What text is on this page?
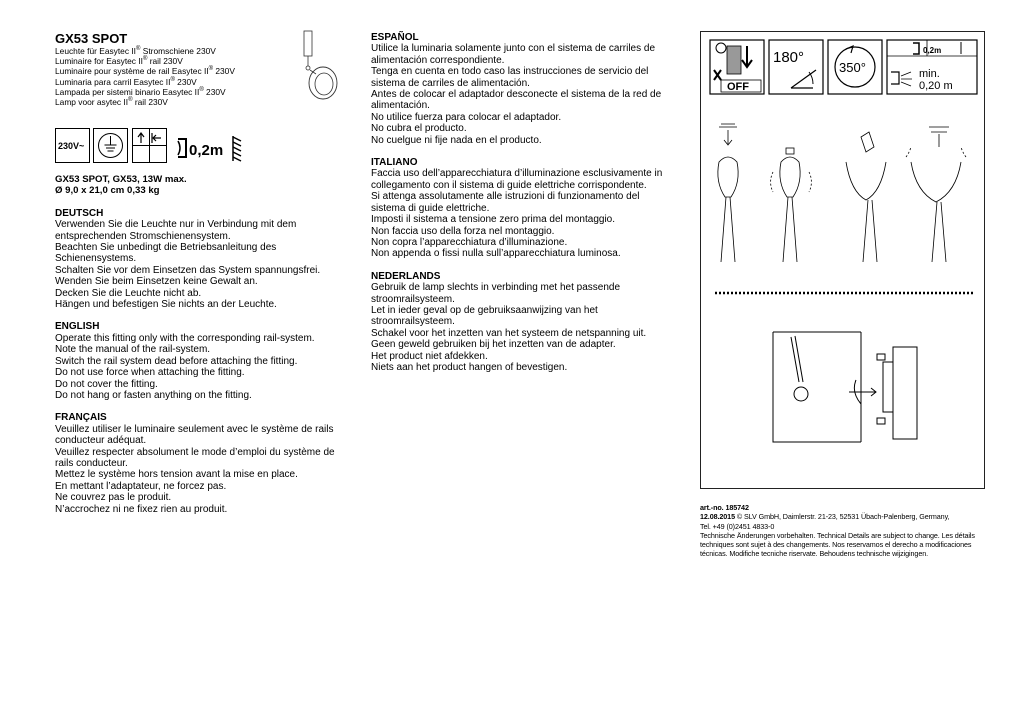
GX53 SPOT
Leuchte für Easytec II® Stromschiene 230V
Luminaire for Easytec II® rail 230V
Luminaire pour système de rail Easytec II® 230V
Luminaria para carril Easytec II® 230V
Lampada per sistemi binario Easytec II® 230V
Lamp voor asytec II® rail 230V
230V~	0,2m
GX53 SPOT, GX53, 13W max.
Ø 9,0 x 21,0 cm 0,33 kg
DEUTSCH
Verwenden Sie die Leuchte nur in Verbindung mit dem
entsprechenden Stromschienensystem.
Beachten Sie unbedingt die Betriebsanleitung des
Schienensystems.
Schalten Sie vor dem Einsetzen das System spannungsfrei.
Wenden Sie beim Einsetzen keine Gewalt an.
Decken Sie die Leuchte nicht ab.
Hängen und befestigen Sie nichts an der Leuchte.
ENGLISH
Operate this fitting only with the corresponding rail-system.
Note the manual of the rail-system.
Switch the rail system dead before attaching the fitting.
Do not use force when attaching the fitting.
Do not cover the fitting.
Do not hang or fasten anything on the fitting.
FRANÇAIS
Veuillez utiliser le luminaire seulement avec le système de rails
conducteur adéquat.
Veuillez respecter absolument le mode d’emploi du système de
rails conducteur.
Mettez le système hors tension avant la mise en place.
En mettant l’adaptateur, ne forcez pas.
Ne couvrez pas le produit.
N’accrochez ni ne fixez rien au produit.
ESPAÑOL
Utilice la luminaria solamente junto con el sistema de carriles de
alimentación correspondiente.
Tenga en cuenta en todo caso las instrucciones de servicio del
sistema de carriles de alimentación.
Antes de colocar el adaptador desconecte el sistema de la red de
alimentación.
No utilice fuerza para colocar el adaptador.
No cubra el producto.
No cuelgue ni fije nada en el producto.
ITALIANO
Faccia uso dell’apparecchiatura d’illuminazione esclusivamente in
collegamento con il sistema di guide elettriche corrispondente.
Si attenga assolutamente alle istruzioni di funzionamento del
sistema di guide elettriche.
Imposti il sistema a tensione zero prima del montaggio.
Non faccia uso della forza nel montaggio.
Non copra l’apparecchiatura d’illuminazione.
Non appenda o fissi nulla sull’apparecchiatura luminosa.
NEDERLANDS
Gebruik de lamp slechts in verbinding met het passende
stroomrailsysteem.
Let in ieder geval op de gebruiksaanwijzing van het
stroomrailsysteem.
Schakel voor het inzetten van het systeem de netspanning uit.
Geen geweld gebruiken bij het inzetten van de adapter.
Het product niet afdekken.
Niets aan het product hangen of bevestigen.
OFF
180°
350°
0,2m
min.
0,20 m
art.-no. 185742
12.08.2015 © SLV GmbH, Daimlerstr. 21-23, 52531 Übach-Palenberg, Germany,
Tel. +49 (0)2451 4833-0
Technische Änderungen vorbehalten. Technical Details are subject to change. Les détails
techniques sont sujet à des changements. Nos reservamos el derecho a modificaciones
técnicas. Modifiche tecniche riservate. Behoudens technische wijzigingen.
